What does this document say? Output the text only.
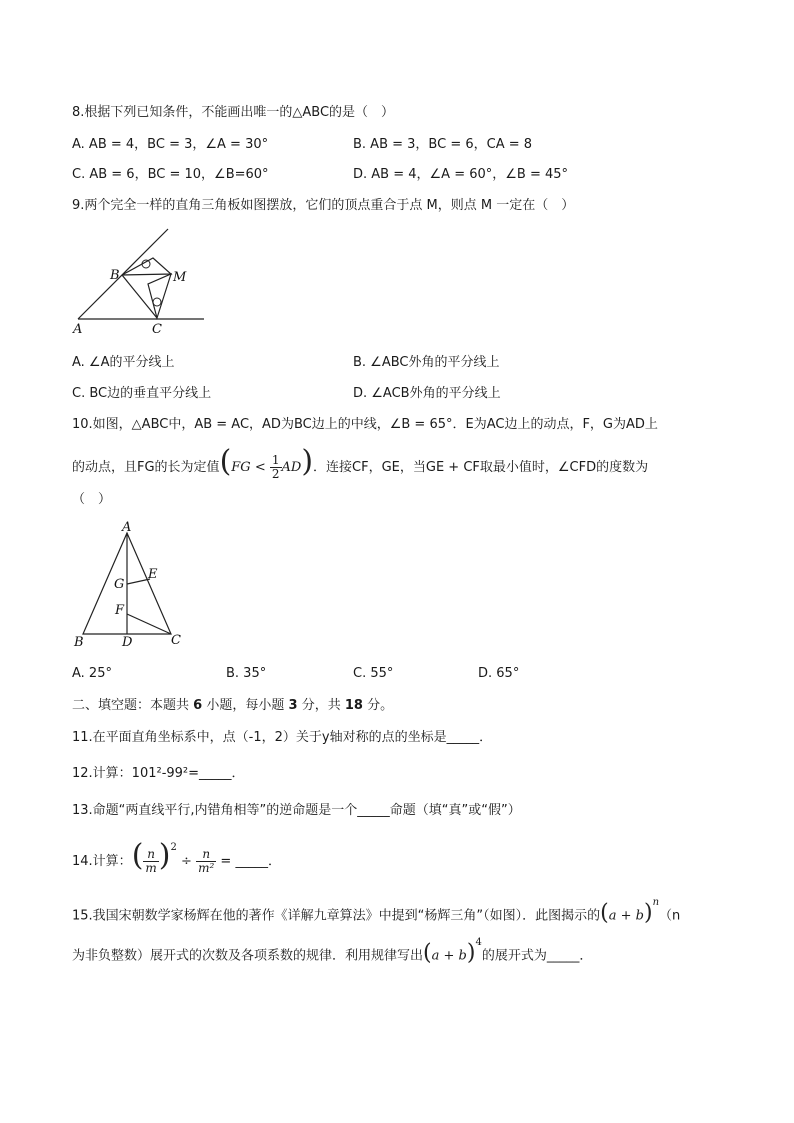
8.根据下列已知条件，不能画出唯一的△ABC的是（　）
A. AB = 4，BC = 3，∠A = 30°	B. AB = 3，BC = 6，CA = 8
C. AB = 6，BC = 10，∠B=60°	D. AB = 4，∠A = 60°，∠B = 45°
9.两个完全一样的直角三角板如图摆放，它们的顶点重合于点 M，则点 M 一定在（　）
B	M
A	C
A. ∠A的平分线上	B. ∠ABC外角的平分线上
C. BC边的垂直平分线上	D. ∠ACB外角的平分线上
10.如图，△ABC中，AB = AC，AD为BC边上的中线，∠B = 65°．E为AC边上的动点，F，G为AD上
的动点，且FG的长为定值$(FG < \frac{1}{2} AD)$．连接CF，GE，当GE + CF取最小值时，∠CFD的度数为
（　）
A
G
E
F
B	D	C
A. 25°	B. 35°	C. 55°	D. 65°
二、填空题：本题共 6 小题，每小题 3 分，共 18 分。
11.在平面直角坐标系中，点（-1，2）关于y轴对称的点的坐标是_____．
12.计算：101²-99²=_____．
13.命题“两直线平行,内错角相等”的逆命题是一个_____命题（填“真”或“假”）
14.计算：( $\frac{n}{m} )^2 \div \frac{n}{\text{m²}}$ = _____．
15.我国宋朝数学家杨辉在他的著作《详解九章算法》中提到“杨辉三角”（如图）．此图揭示的$(a + b)^n(n$
为非负整数）展开式的次数及各项系数的规律．利用规律写出$(a + b)^4$的展开式为_____．
